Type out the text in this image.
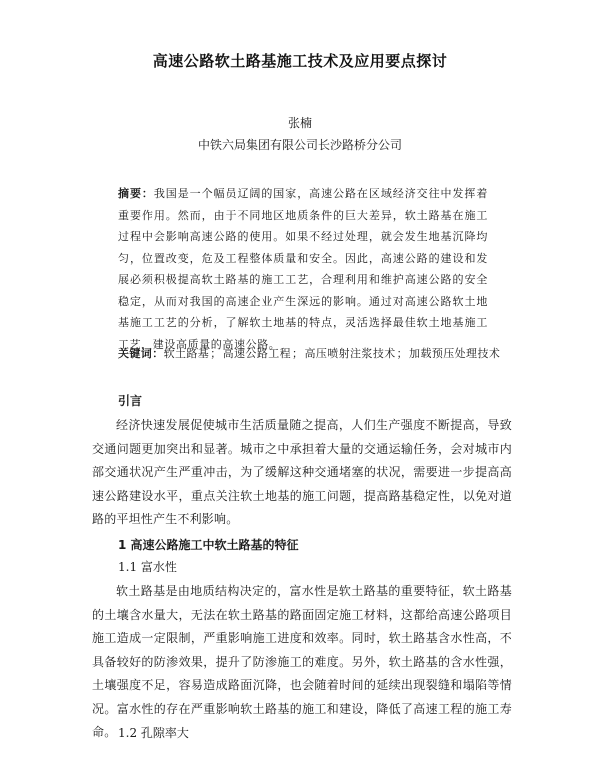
高速公路软土路基施工技术及应用要点探讨
张楠
中铁六局集团有限公司长沙路桥分公司
摘要：我国是一个幅员辽阔的国家，高速公路在区域经济交往中发挥着重要作用。然而，由于不同地区地质条件的巨大差异，软土路基在施工过程中会影响高速公路的使用。如果不经过处理，就会发生地基沉降均匀，位置改变，危及工程整体质量和安全。因此，高速公路的建设和发展必须积极提高软土路基的施工工艺，合理利用和维护高速公路的安全稳定，从而对我国的高速企业产生深远的影响。通过对高速公路软土地基施工工艺的分析，了解软土地基的特点，灵活选择最佳软土地基施工工艺，建设高质量的高速公路。
关键词：软土路基；高速公路工程；高压喷射注浆技术；加载预压处理技术
引言
经济快速发展促使城市生活质量随之提高，人们生产强度不断提高，导致交通问题更加突出和显著。城市之中承担着大量的交通运输任务，会对城市内部交通状况产生严重冲击，为了缓解这种交通堵塞的状况，需要进一步提高高速公路建设水平，重点关注软土地基的施工问题，提高路基稳定性，以免对道路的平坦性产生不利影响。
1 高速公路施工中软土路基的特征
1.1 富水性
软土路基是由地质结构决定的，富水性是软土路基的重要特征，软土路基的土壤含水量大，无法在软土路基的路面固定施工材料，这都给高速公路项目施工造成一定限制，严重影响施工进度和效率。同时，软土路基含水性高，不具备较好的防渗效果，提升了防渗施工的难度。另外，软土路基的含水性强，土壤强度不足，容易造成路面沉降，也会随着时间的延续出现裂缝和塌陷等情况。富水性的存在严重影响软土路基的施工和建设，降低了高速工程的施工寿命。 1.2 孔隙率大
